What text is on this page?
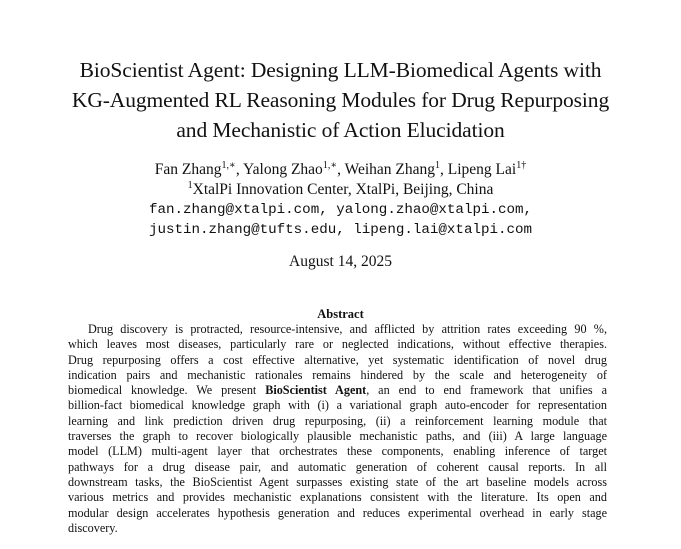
BioScientist Agent: Designing LLM-Biomedical Agents with
KG-Augmented RL Reasoning Modules for Drug Repurposing
and Mechanistic of Action Elucidation
Fan Zhang$^{1,∗}$, Yalong Zhao$^{1,∗}$, Weihan Zhang$^1$, Lipeng Lai$^{1\dagger}$
$^1$XtalPi Innovation Center, XtalPi, Beijing, China
fan.zhang@xtalpi.com, yalong.zhao@xtalpi.com,
justin.zhang@tufts.edu, lipeng.lai@xtalpi.com
August 14, 2025
Abstract
Drug discovery is protracted, resource-intensive, and afflicted by attrition rates exceeding 90 %,
which leaves most diseases, particularly rare or neglected indications, without effective therapies.
Drug repurposing offers a cost effective alternative, yet systematic identification of novel drug
indication pairs and mechanistic rationales remains hindered by the scale and heterogeneity of
biomedical knowledge. We present BioScientist Agent, an end to end framework that unifies a
billion-fact biomedical knowledge graph with (i) a variational graph auto-encoder for representation
learning and link prediction driven drug repurposing, (ii) a reinforcement learning module that
traverses the graph to recover biologically plausible mechanistic paths, and (iii) A large language
model (LLM) multi-agent layer that orchestrates these components, enabling inference of target
pathways for a drug disease pair, and automatic generation of coherent causal reports. In all
downstream tasks, the BioScientist Agent surpasses existing state of the art baseline models across
various metrics and provides mechanistic explanations consistent with the literature. Its open and
modular design accelerates hypothesis generation and reduces experimental overhead in early stage
discovery.
